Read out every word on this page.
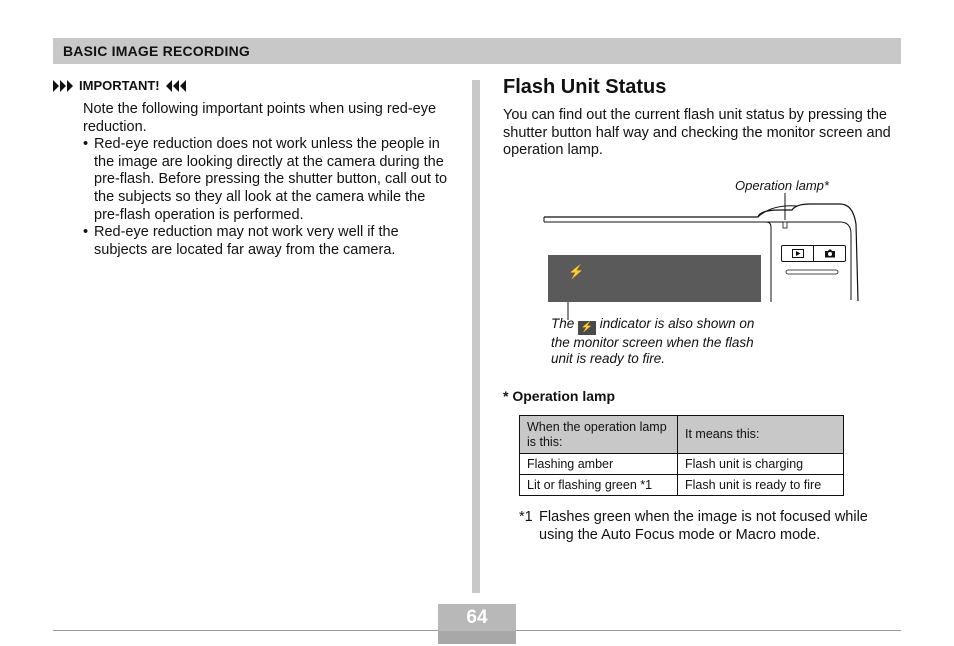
BASIC IMAGE RECORDING
IMPORTANT!

Note the following important points when using red-eye reduction.

• Red-eye reduction does not work unless the people in the image are looking directly at the camera during the pre-flash. Before pressing the shutter button, call out to the subjects so they all look at the camera while the pre-flash operation is performed.
• Red-eye reduction may not work very well if the subjects are located far away from the camera.
Flash Unit Status

You can find out the current flash unit status by pressing the shutter button half way and checking the monitor screen and operation lamp.

Operation lamp*
⚡

The ⚡ indicator is also shown on the monitor screen when the flash unit is ready to fire.

* Operation lamp
When the operation lamp is this:	It means this:
Flashing amber	Flash unit is charging
Lit or flashing green *1	Flash unit is ready to fire
*1 Flashes green when the image is not focused while
using the Auto Focus mode or Macro mode.
64
